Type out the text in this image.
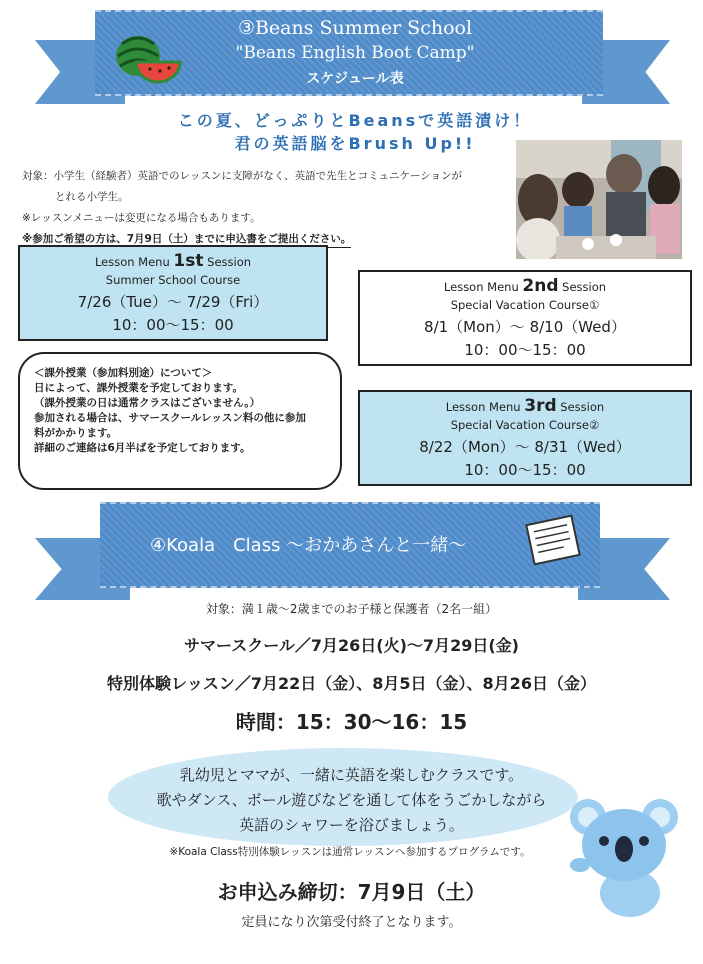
③Beans Summer School
"Beans English Boot Camp"
スケジュール表
この夏、どっぷりとBeansで英語漬け！
君の英語脳をBrush Up!!
対象：小学生（経験者）英語でのレッスンに支障がなく、英語で先生とコミュニケーションが
とれる小学生。
※レッスンメニューは変更になる場合もあります。
※参加ご希望の方は、7月9日（土）までに申込書をご提出ください。
Lesson Menu 1st Session
Summer School Course
7/26（Tue）～ 7/29（Fri）
10：00～15：00
Lesson Menu 2nd Session
Special Vacation Course①
8/1（Mon）～ 8/10（Wed）
10：00～15：00
Lesson Menu 3rd Session
Special Vacation Course②
8/22（Mon）～ 8/31（Wed）
10：00～15：00
＜課外授業（参加料別途）について＞
日によって、課外授業を予定しております。
（課外授業の日は通常クラスはございません。）
参加される場合は、サマースクールレッスン料の他に参加
料がかかります。
詳細のご連絡は6月半ばを予定しております。
④Koala　Class ～おかあさんと一緒～
対象：満１歳～2歳までのお子様と保護者（2名一組）
サマースクール／7月26日(火)～7月29日(金)
特別体験レッスン／7月22日（金）、8月5日（金）、8月26日（金）
時間：15：30～16：15
乳幼児とママが、一緒に英語を楽しむクラスです。
歌やダンス、ボール遊びなどを通して体をうごかしながら
英語のシャワーを浴びましょう。
※Koala Class特別体験レッスンは通常レッスンへ参加するプログラムです。
お申込み締切：7月9日（土）
定員になり次第受付終了となります。
